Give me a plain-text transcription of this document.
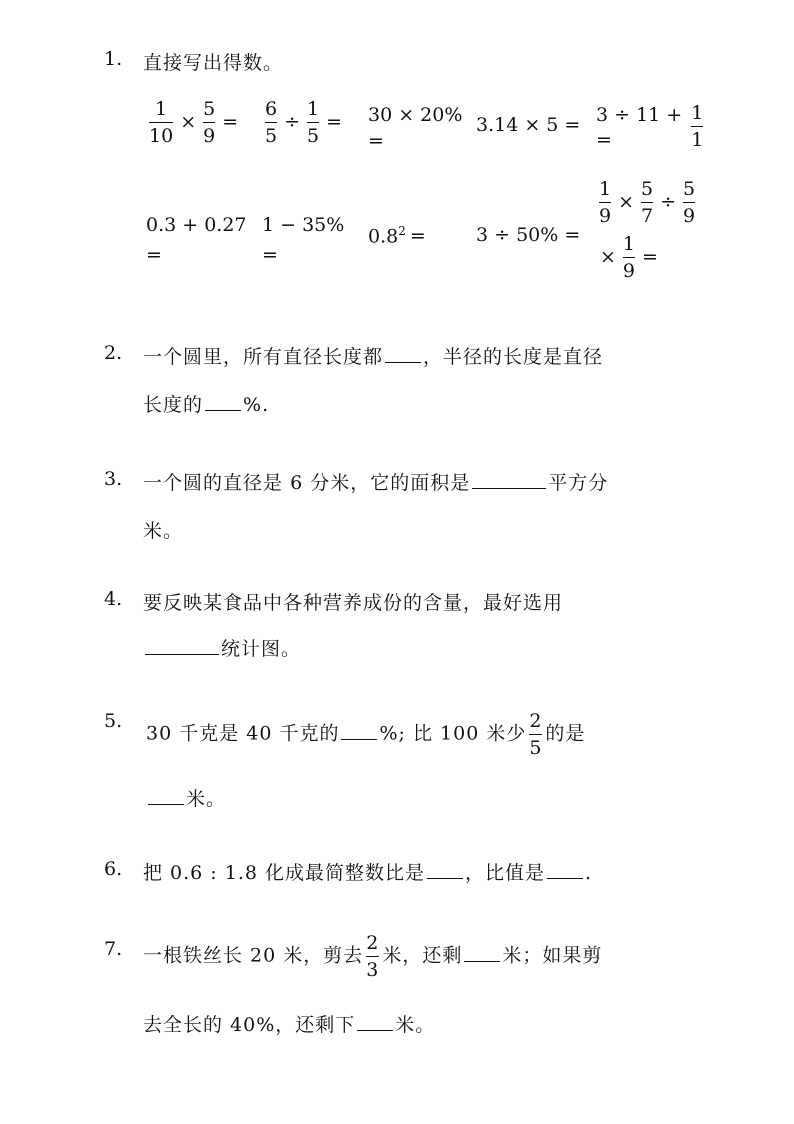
1. 直接写出得数。
$\frac{1}{10} \times \frac{5}{9} = \frac{6}{5} \div \frac{1}{5} = 30 \times 20\%$
=
$3.14 \times 5 = 3 \div 11 + \frac{1}{1}$
=
0.3 + 0.27
=
1 − 35%
=
$0.8^2$ =	3 ÷ 50% =
$\frac{1}{9} \times \frac{5}{7} \div \frac{5}{9}$
× $\frac{1}{9}$ =
2. 一个圆里，所有直径长度都 ，半径的长度是直径
长度的 %.
3. 一个圆的直径是 6 分米，它的面积是	平方分
米。
4. 要反映某食品中各种营养成份的含量，最好选用
统计图。
5.
30 千克是 40 千克的 %; 比 100 米少 $\frac{2}{5}$ 的是
米。
6. 把 0.6 : 1.8 化成最简整数比是 ，比值是 .
7. 一根铁丝长 20 米，剪去 $\frac{2}{3}$ 米，还剩 米；如果剪
去全长的 40%，还剩下 米。
